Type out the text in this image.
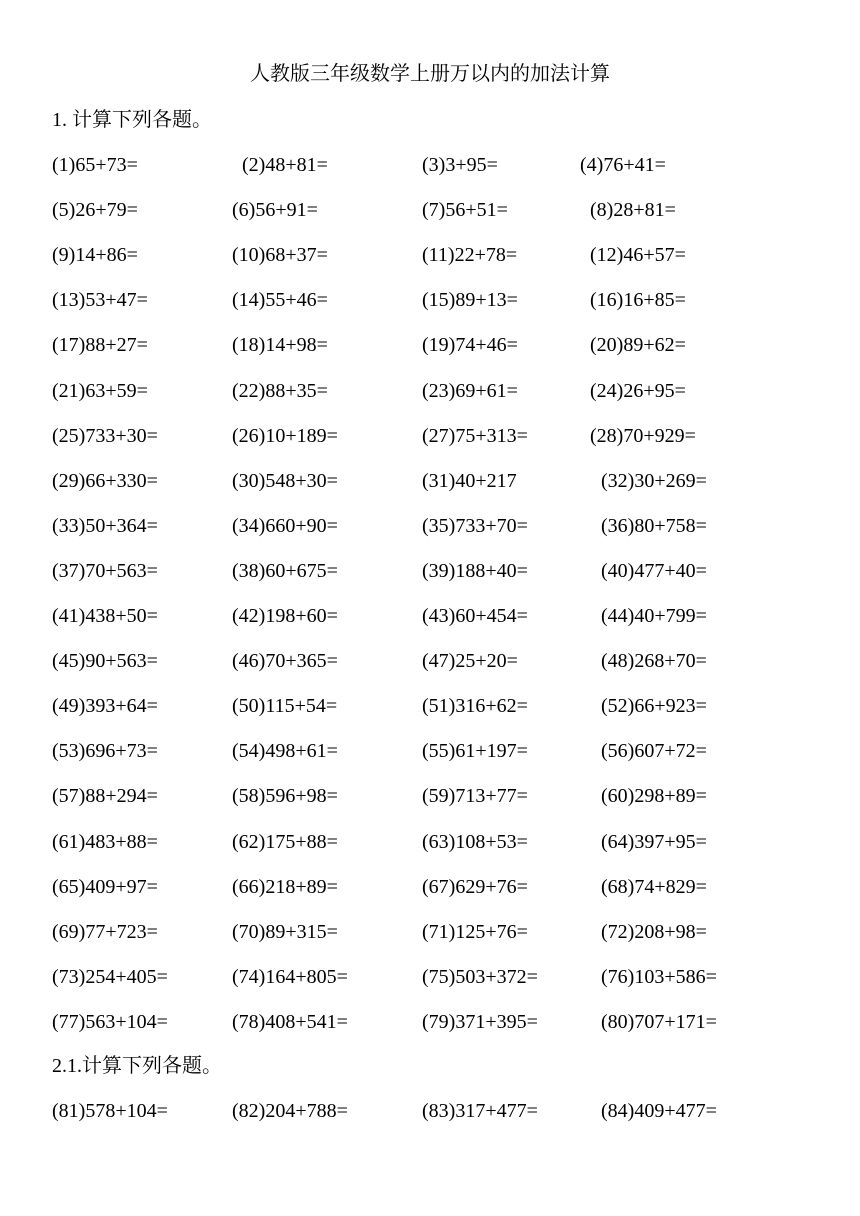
人教版三年级数学上册万以内的加法计算
1. 计算下列各题。
(1)65+73=	(2)48+81=	(3)3+95=	(4)76+41=
(5)26+79=	(6)56+91=	(7)56+51=	(8)28+81=
(9)14+86=	(10)68+37=	(11)22+78=	(12)46+57=
(13)53+47=	(14)55+46=	(15)89+13=	(16)16+85=
(17)88+27=	(18)14+98=	(19)74+46=	(20)89+62=
(21)63+59=	(22)88+35=	(23)69+61=	(24)26+95=
(25)733+30=	(26)10+189=	(27)75+313=	(28)70+929=
(29)66+330=	(30)548+30=	(31)40+217	(32)30+269=
(33)50+364=	(34)660+90=	(35)733+70=	(36)80+758=
(37)70+563=	(38)60+675=	(39)188+40=	(40)477+40=
(41)438+50=	(42)198+60=	(43)60+454=	(44)40+799=
(45)90+563=	(46)70+365=	(47)25+20=	(48)268+70=
(49)393+64=	(50)115+54=	(51)316+62=	(52)66+923=
(53)696+73=	(54)498+61=	(55)61+197=	(56)607+72=
(57)88+294=	(58)596+98=	(59)713+77=	(60)298+89=
(61)483+88=	(62)175+88=	(63)108+53=	(64)397+95=
(65)409+97=	(66)218+89=	(67)629+76=	(68)74+829=
(69)77+723=	(70)89+315=	(71)125+76=	(72)208+98=
(73)254+405=	(74)164+805=	(75)503+372=	(76)103+586=
(77)563+104=	(78)408+541=	(79)371+395=	(80)707+171=
2.1.计算下列各题。
(81)578+104=	(82)204+788=	(83)317+477=	(84)409+477=
